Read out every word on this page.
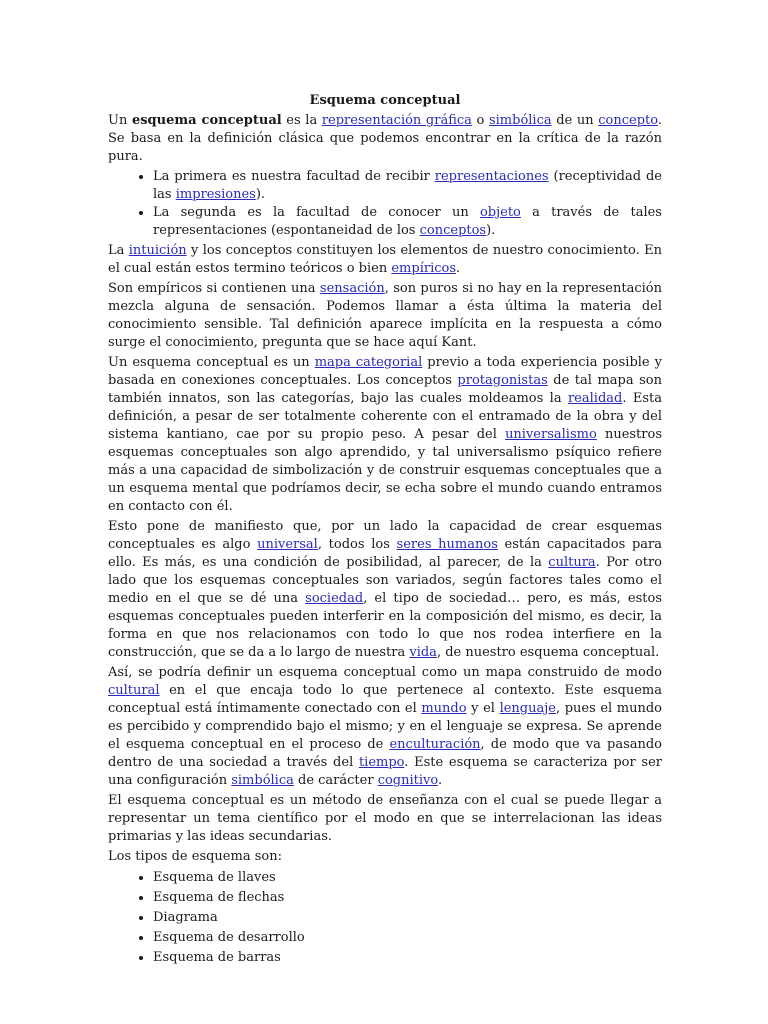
Esquema conceptual

Un esquema conceptual es la representación gráfica o simbólica de un concepto. Se basa en la definición clásica que podemos encontrar en la crítica de la razón pura.

• La primera es nuestra facultad de recibir representaciones (receptividad de las impresiones).
• La segunda es la facultad de conocer un objeto a través de tales representaciones (espontaneidad de los conceptos).

La intuición y los conceptos constituyen los elementos de nuestro conocimiento. En el cual están estos termino teóricos o bien empíricos.

Son empíricos si contienen una sensación, son puros si no hay en la representación mezcla alguna de sensación. Podemos llamar a ésta última la materia del conocimiento sensible. Tal definición aparece implícita en la respuesta a cómo surge el conocimiento, pregunta que se hace aquí Kant.

Un esquema conceptual es un mapa categorial previo a toda experiencia posible y basada en conexiones conceptuales. Los conceptos protagonistas de tal mapa son también innatos, son las categorías, bajo las cuales moldeamos la realidad. Esta definición, a pesar de ser totalmente coherente con el entramado de la obra y del sistema kantiano, cae por su propio peso. A pesar del universalismo nuestros esquemas conceptuales son algo aprendido, y tal universalismo psíquico refiere más a una capacidad de simbolización y de construir esquemas conceptuales que a un esquema mental que podríamos decir, se echa sobre el mundo cuando entramos en contacto con él.

Esto pone de manifiesto que, por un lado la capacidad de crear esquemas conceptuales es algo universal, todos los seres humanos están capacitados para ello. Es más, es una condición de posibilidad, al parecer, de la cultura. Por otro lado que los esquemas conceptuales son variados, según factores tales como el medio en el que se dé una sociedad, el tipo de sociedad… pero, es más, estos esquemas conceptuales pueden interferir en la composición del mismo, es decir, la forma en que nos relacionamos con todo lo que nos rodea interfiere en la construcción, que se da a lo largo de nuestra vida, de nuestro esquema conceptual.

Así, se podría definir un esquema conceptual como un mapa construido de modo cultural en el que encaja todo lo que pertenece al contexto. Este esquema conceptual está íntimamente conectado con el mundo y el lenguaje, pues el mundo es percibido y comprendido bajo el mismo; y en el lenguaje se expresa. Se aprende el esquema conceptual en el proceso de enculturación, de modo que va pasando dentro de una sociedad a través del tiempo. Este esquema se caracteriza por ser una configuración simbólica de carácter cognitivo.

El esquema conceptual es un método de enseñanza con el cual se puede llegar a representar un tema científico por el modo en que se interrelacionan las ideas primarias y las ideas secundarias.

Los tipos de esquema son:

• Esquema de llaves
• Esquema de flechas
• Diagrama
• Esquema de desarrollo
• Esquema de barras
